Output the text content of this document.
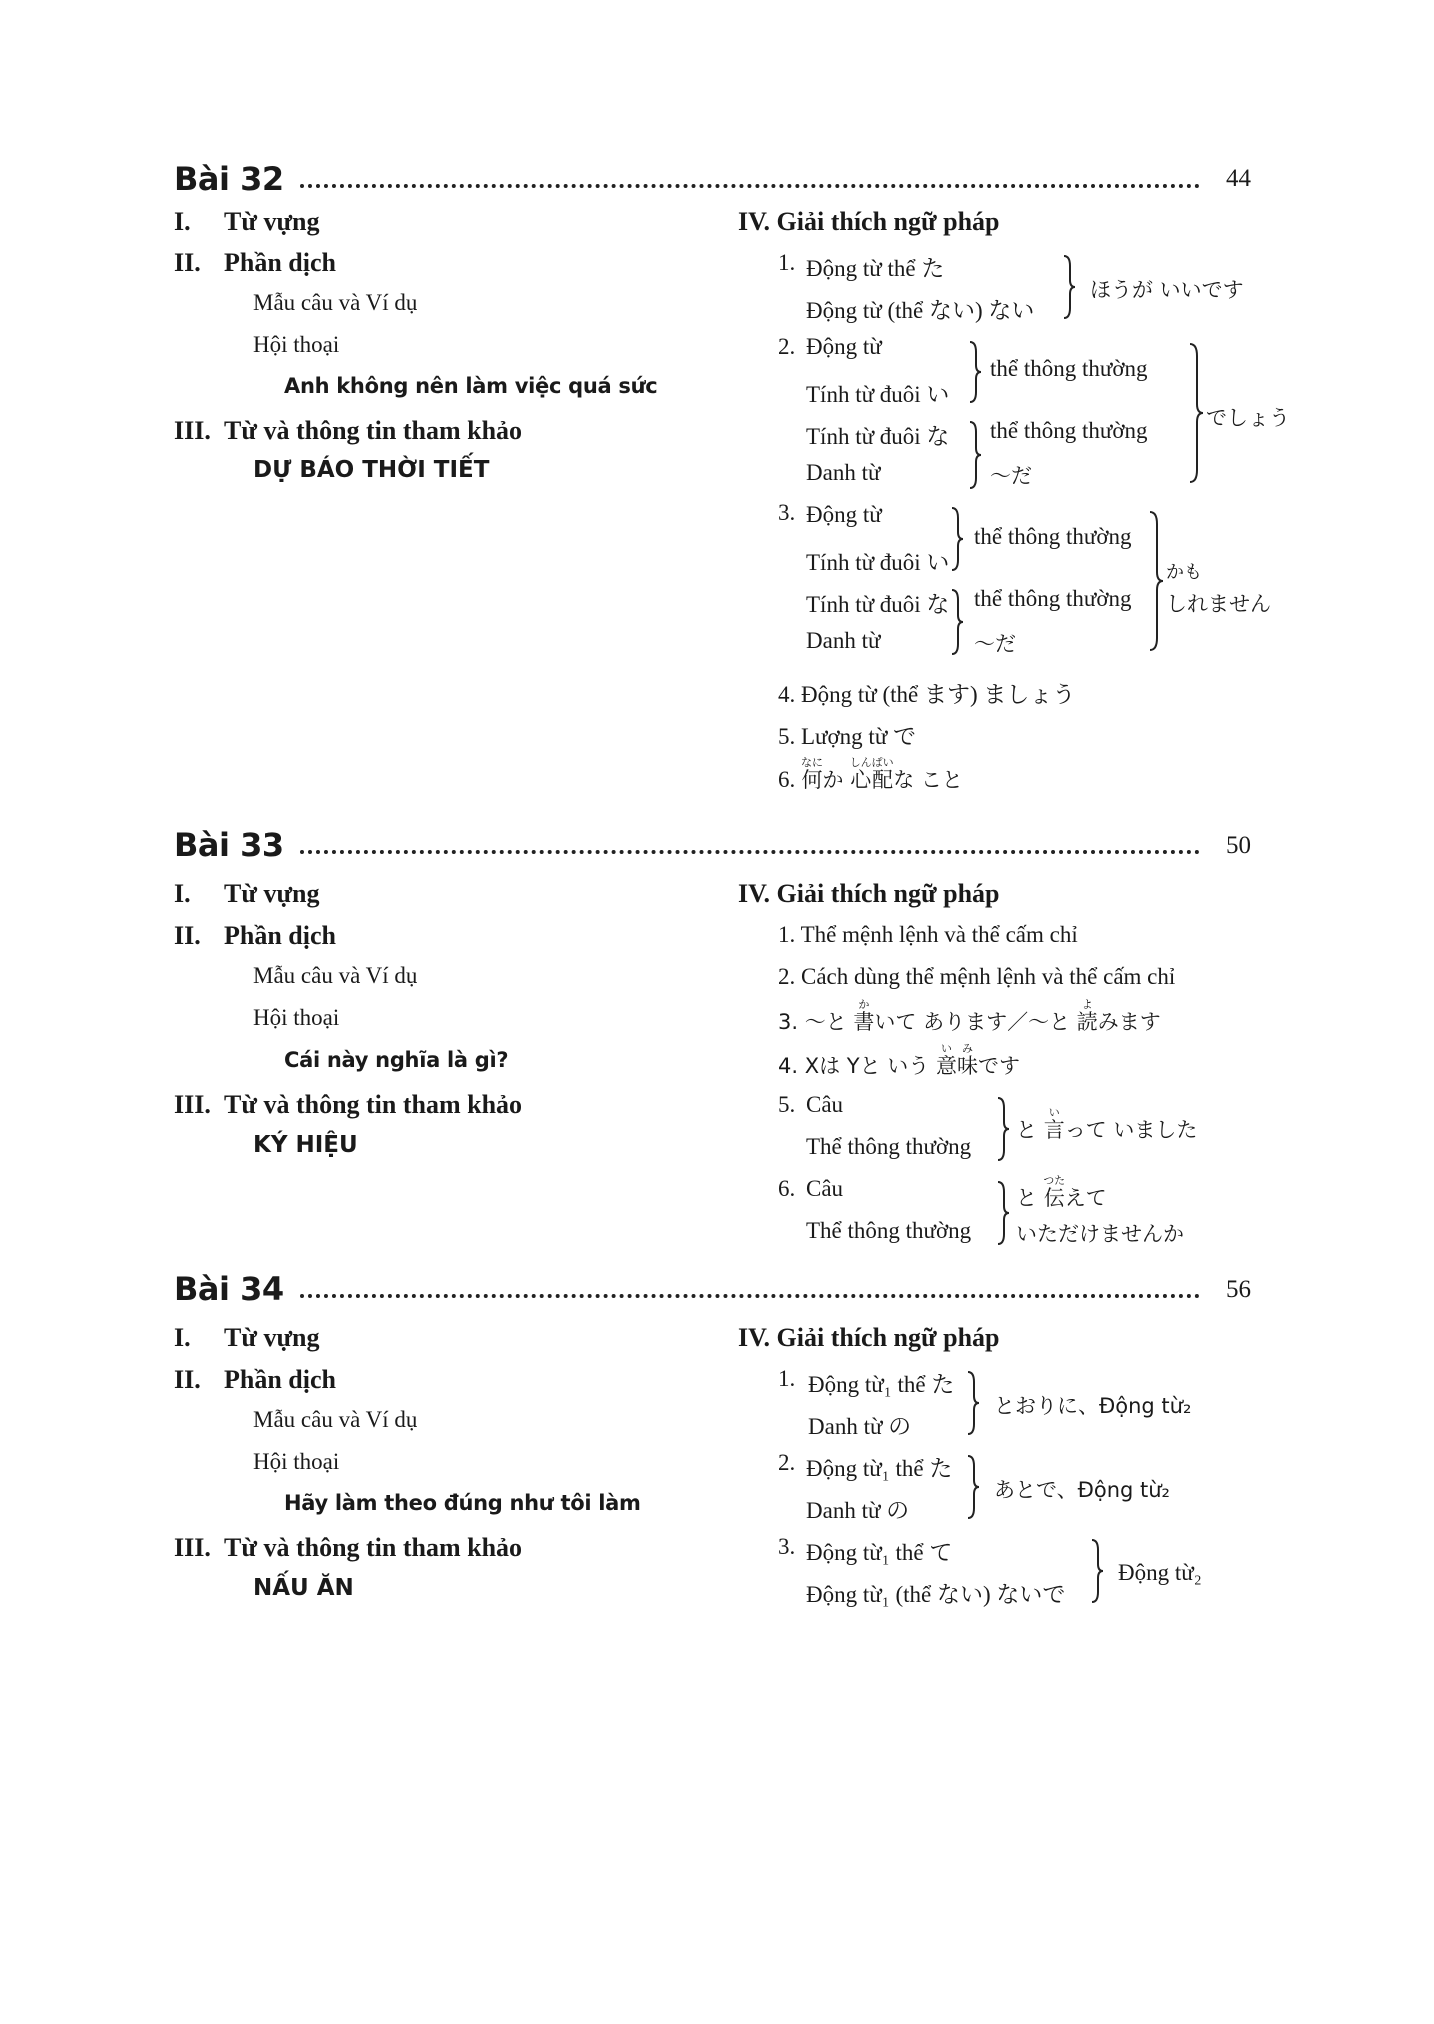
Bài 32	44
I. Từ vựng
II. Phần dịch
Mẫu câu và Ví dụ
Hội thoại
Anh không nên làm việc quá sức
III. Từ và thông tin tham khảo
DỰ BÁO THỜI TIẾT
IV. Giải thích ngữ pháp
1. Động từ thể た
Động từ (thể ない) ない
ほうが いいです
2. Động từ
Tính từ đuôi い
Tính từ đuôi な
Danh từ
thể thông thường
thể thông thường
～だ
でしょう
3. Động từ
Tính từ đuôi い
Tính từ đuôi な
Danh từ
thể thông thường
thể thông thường
～だ
かも
しれません
4. Động từ (thể ます) ましょう
5. Lượng từ で
6. 何なにか 心配しんぱいな こと
Bài 33	50
I. Từ vựng
II. Phần dịch
Mẫu câu và Ví dụ
Hội thoại
Cái này nghĩa là gì?
III. Từ và thông tin tham khảo
KÝ HIỆU
IV. Giải thích ngữ pháp
1. Thể mệnh lệnh và thể cấm chỉ
2. Cách dùng thể mệnh lệnh và thể cấm chỉ
3. ～と 書かいて あります／～と 読よみます
4. Xは Yと いう 意味いみです
5. Câu
Thể thông thường
と 言いって いました
6. Câu
Thể thông thường
と 伝つたえて
いただけませんか
Bài 34	56
I. Từ vựng
II. Phần dịch
Mẫu câu và Ví dụ
Hội thoại
Hãy làm theo đúng như tôi làm
III. Từ và thông tin tham khảo
NẤU ĂN
IV. Giải thích ngữ pháp
1. Động từ₁ thể た
Danh từ の
とおりに、Động từ₂
2. Động từ₁ thể た
Danh từ の
あとで、Động từ₂
3. Động từ₁ thể て
Động từ₁ (thể ない) ないで
Động từ₂
